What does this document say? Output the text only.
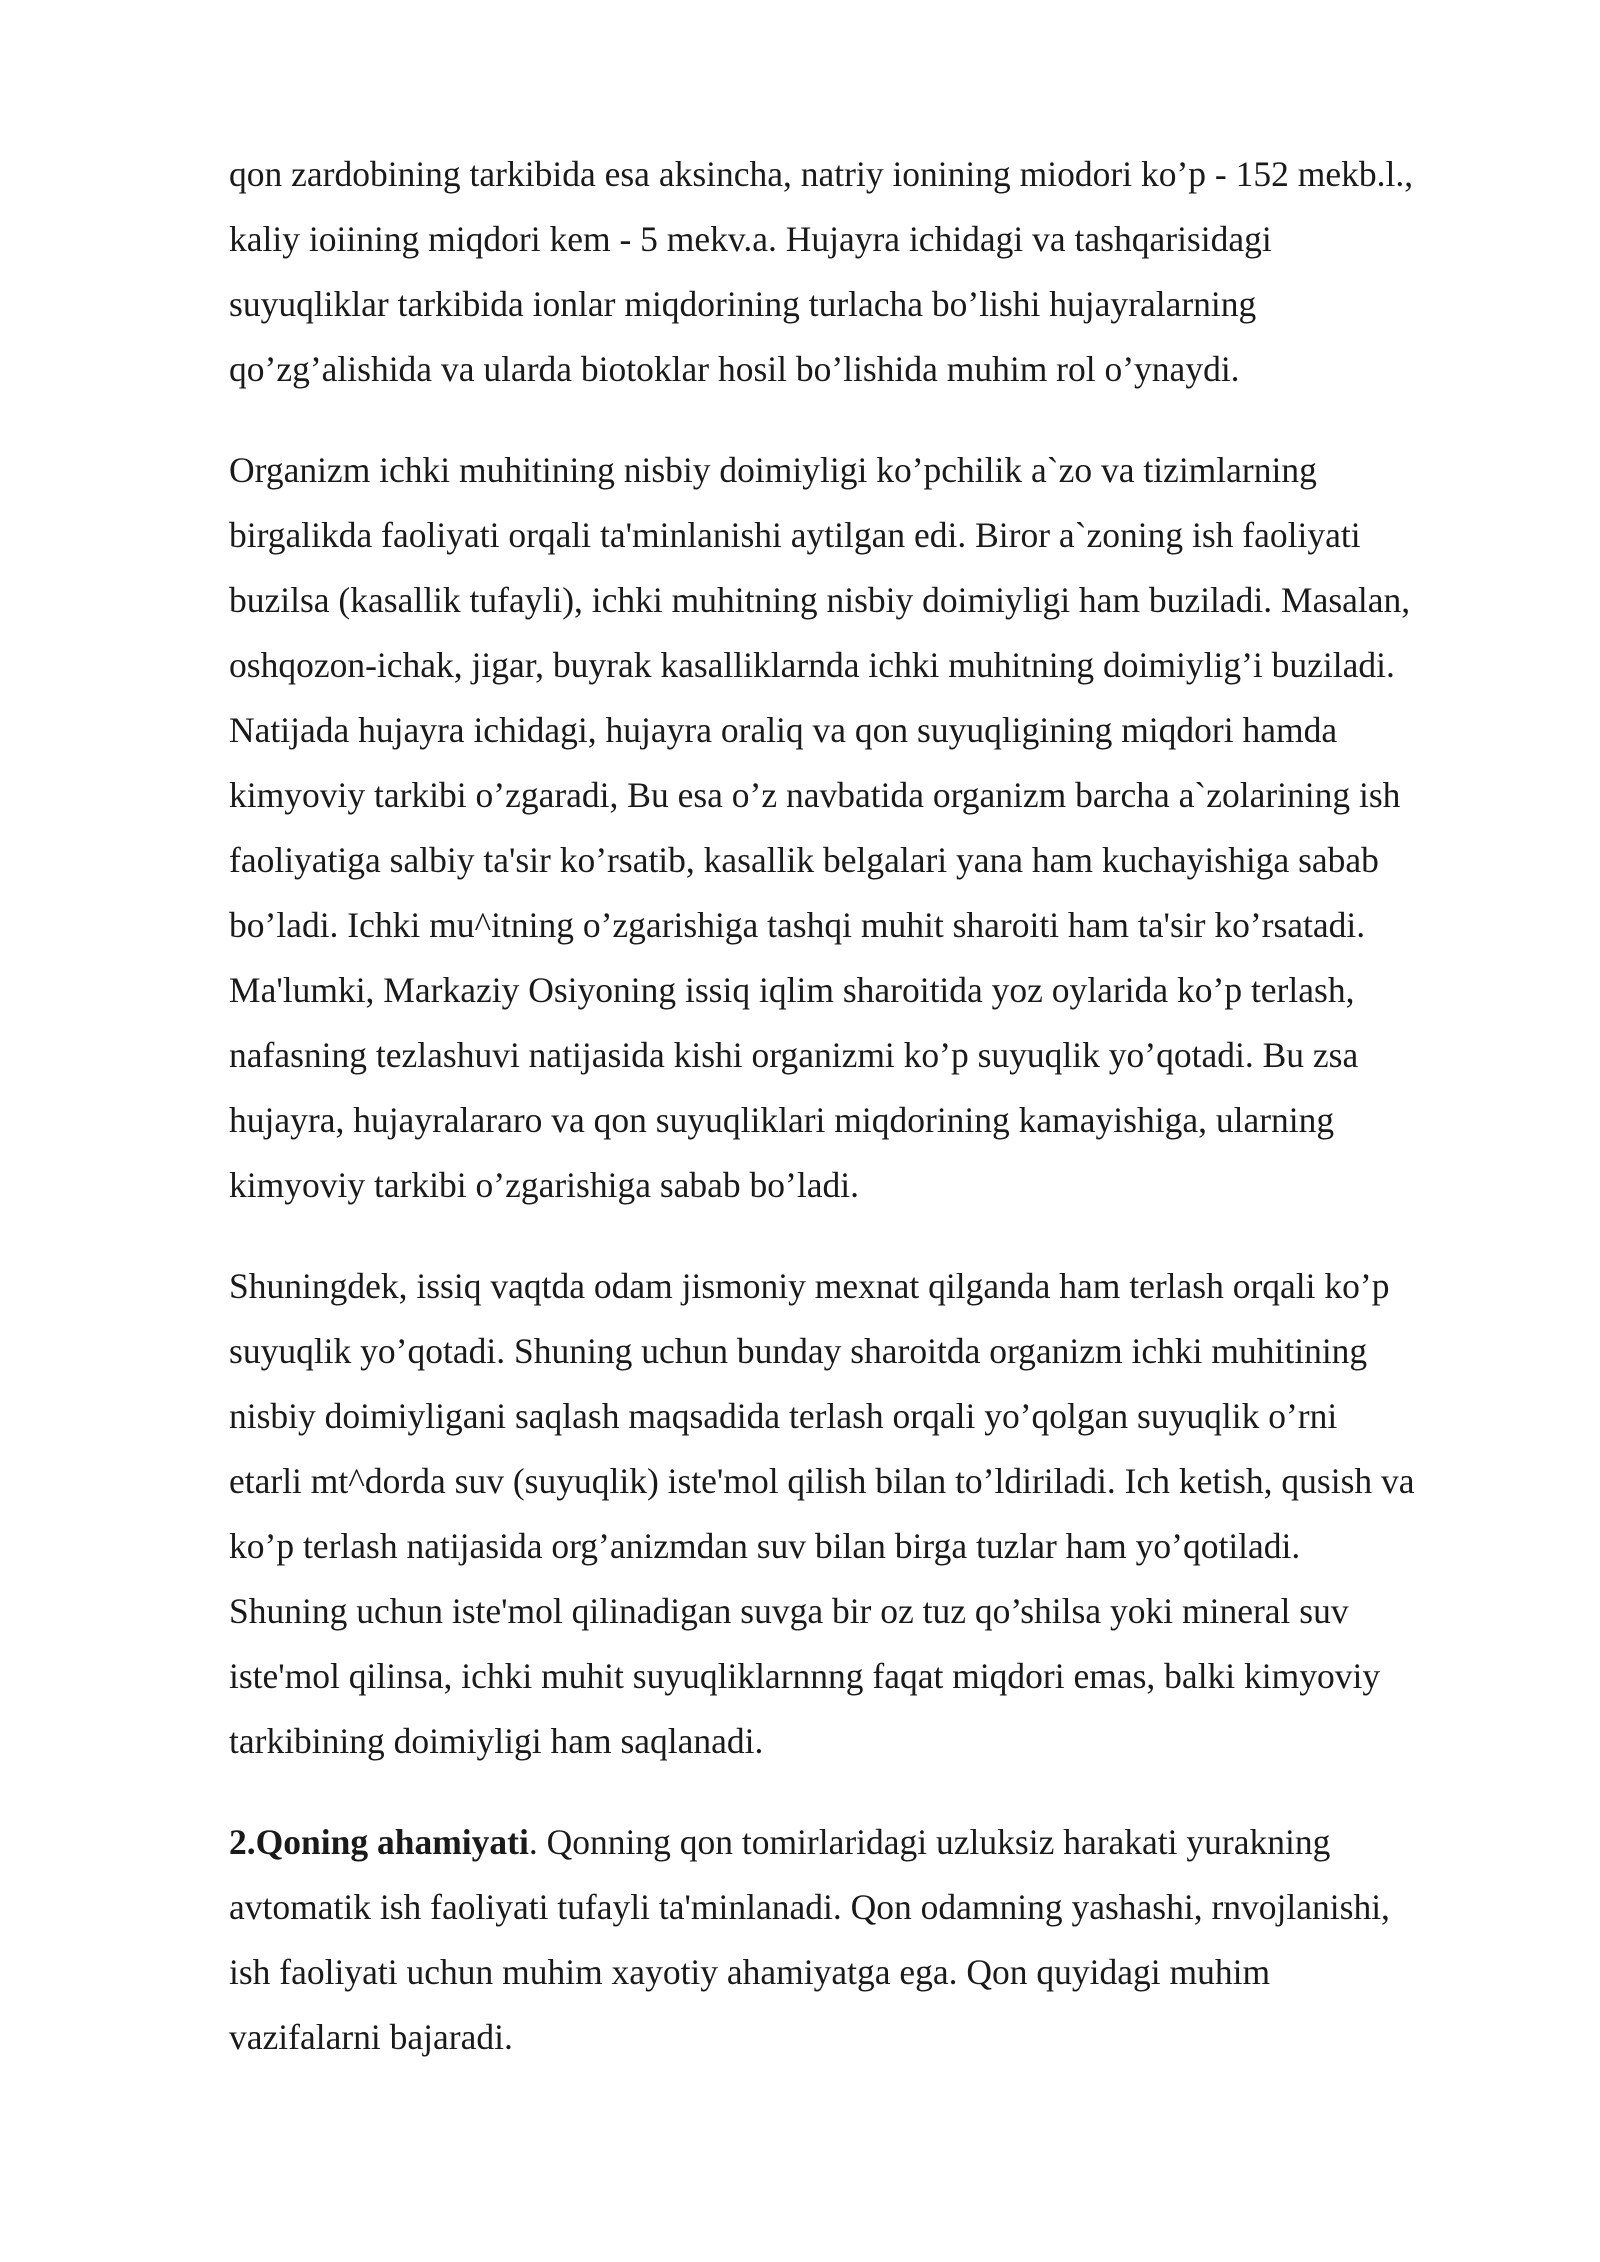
qon zardobining tarkibida esa aksincha, natriy ionining miodori ko’p - 152 mekb.l.,
kaliy ioiining miqdori kem - 5 mekv.a. Hujayra ichidagi va tashqarisidagi
suyuqliklar tarkibida ionlar miqdorining turlacha bo’lishi hujayralarning
qo’zg’alishida va ularda biotoklar hosil bo’lishida muhim rol o’ynaydi.

Organizm ichki muhitining nisbiy doimiyligi ko’pchilik a`zo va tizimlarning
birgalikda faoliyati orqali ta'minlanishi aytilgan edi. Biror a`zoning ish faoliyati
buzilsa (kasallik tufayli), ichki muhitning nisbiy doimiyligi ham buziladi. Masalan,
oshqozon-ichak, jigar, buyrak kasalliklarnda ichki muhitning doimiylig’i buziladi.
Natijada hujayra ichidagi, hujayra oraliq va qon suyuqligining miqdori hamda
kimyoviy tarkibi o’zgaradi, Bu esa o’z navbatida organizm barcha a`zolarining ish
faoliyatiga salbiy ta'sir ko’rsatib, kasallik belgalari yana ham kuchayishiga sabab
bo’ladi. Ichki mu^itning o’zgarishiga tashqi muhit sharoiti ham ta'sir ko’rsatadi.
Ma'lumki, Markaziy Osiyoning issiq iqlim sharoitida yoz oylarida ko’p terlash,
nafasning tezlashuvi natijasida kishi organizmi ko’p suyuqlik yo’qotadi. Bu zsa
hujayra, hujayralararo va qon suyuqliklari miqdorining kamayishiga, ularning
kimyoviy tarkibi o’zgarishiga sabab bo’ladi.

Shuningdek, issiq vaqtda odam jismoniy mexnat qilganda ham terlash orqali ko’p
suyuqlik yo’qotadi. Shuning uchun bunday sharoitda organizm ichki muhitining
nisbiy doimiyligani saqlash maqsadida terlash orqali yo’qolgan suyuqlik o’rni
etarli mt^dorda suv (suyuqlik) iste'mol qilish bilan to’ldiriladi. Ich ketish, qusish va
ko’p terlash natijasida org’anizmdan suv bilan birga tuzlar ham yo’qotiladi.
Shuning uchun iste'mol qilinadigan suvga bir oz tuz qo’shilsa yoki mineral suv
iste'mol qilinsa, ichki muhit suyuqliklarnnng faqat miqdori emas, balki kimyoviy
tarkibining doimiyligi ham saqlanadi.

2.Qoning ahamiyati. Qonning qon tomirlaridagi uzluksiz harakati yurakning
avtomatik ish faoliyati tufayli ta'minlanadi. Qon odamning yashashi, rnvojlanishi,
ish faoliyati uchun muhim xayotiy ahamiyatga ega. Qon quyidagi muhim
vazifalarni bajaradi.
